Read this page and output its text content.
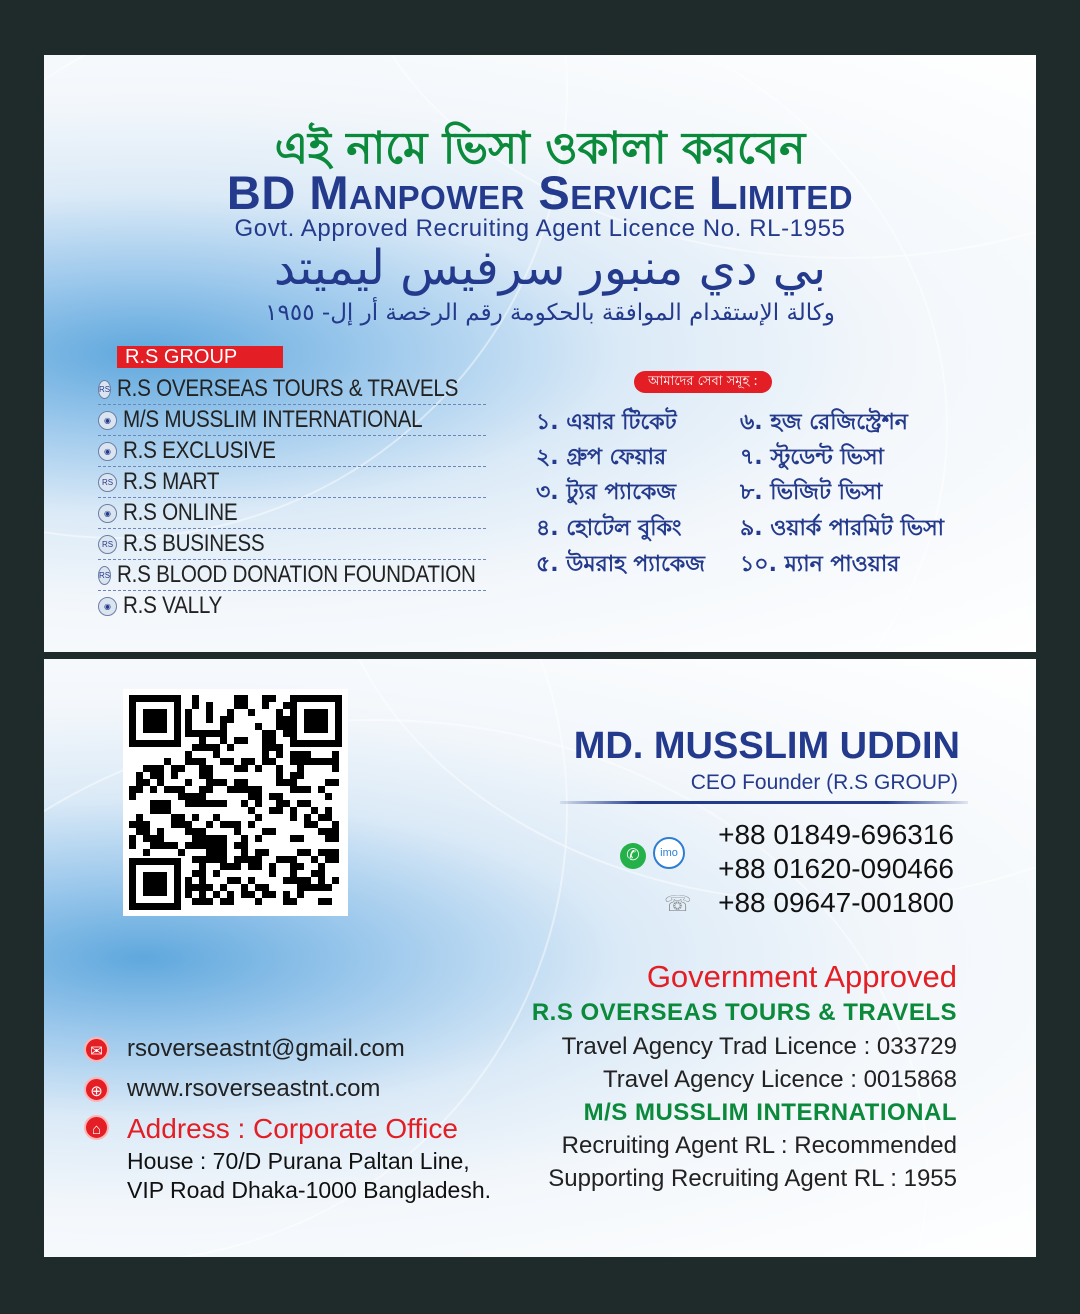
এই নামে ভিসা ওকালা করবেন
BD Manpower Service Limited
Govt. Approved Recruiting Agent Licence No. RL-1955
بي دي منبور سرفيس ليميتد
وكالة الإستقدام الموافقة بالحكومة رقم الرخصة أر إل- ١٩٥٥
R.S GROUP
RS R.S OVERSEAS TOURS & TRAVELS
◉ M/S MUSSLIM INTERNATIONAL
◉ R.S EXCLUSIVE
RS R.S MART
◉ R.S ONLINE
RS R.S BUSINESS
RS R.S BLOOD DONATION FOUNDATION
◉ R.S VALLY
আমাদের সেবা সমূহ :
১. এয়ার টিকেট
২. গ্রুপ ফেয়ার
৩. ট্যুর প্যাকেজ
৪. হোটেল বুকিং
৫. উমরাহ প্যাকেজ
৬. হজ রেজিস্ট্রেশন
৭. স্টুডেন্ট ভিসা
৮. ভিজিট ভিসা
৯. ওয়ার্ক পারমিট ভিসা
১০. ম্যান পাওয়ার
MD. MUSSLIM UDDIN
CEO Founder (R.S GROUP)
✆	imo
☏
+88 01849-696316
+88 01620-090466
+88 09647-001800
Government Approved
R.S OVERSEAS TOURS & TRAVELS
Travel Agency Trad Licence : 033729
Travel Agency Licence : 0015868
M/S MUSSLIM INTERNATIONAL
Recruiting Agent RL : Recommended
Supporting Recruiting Agent RL : 1955
✉ rsoverseastnt@gmail.com
⊕ www.rsoverseastnt.com
⌂ Address : Corporate Office
House : 70/D Purana Paltan Line,
VIP Road Dhaka-1000 Bangladesh.
